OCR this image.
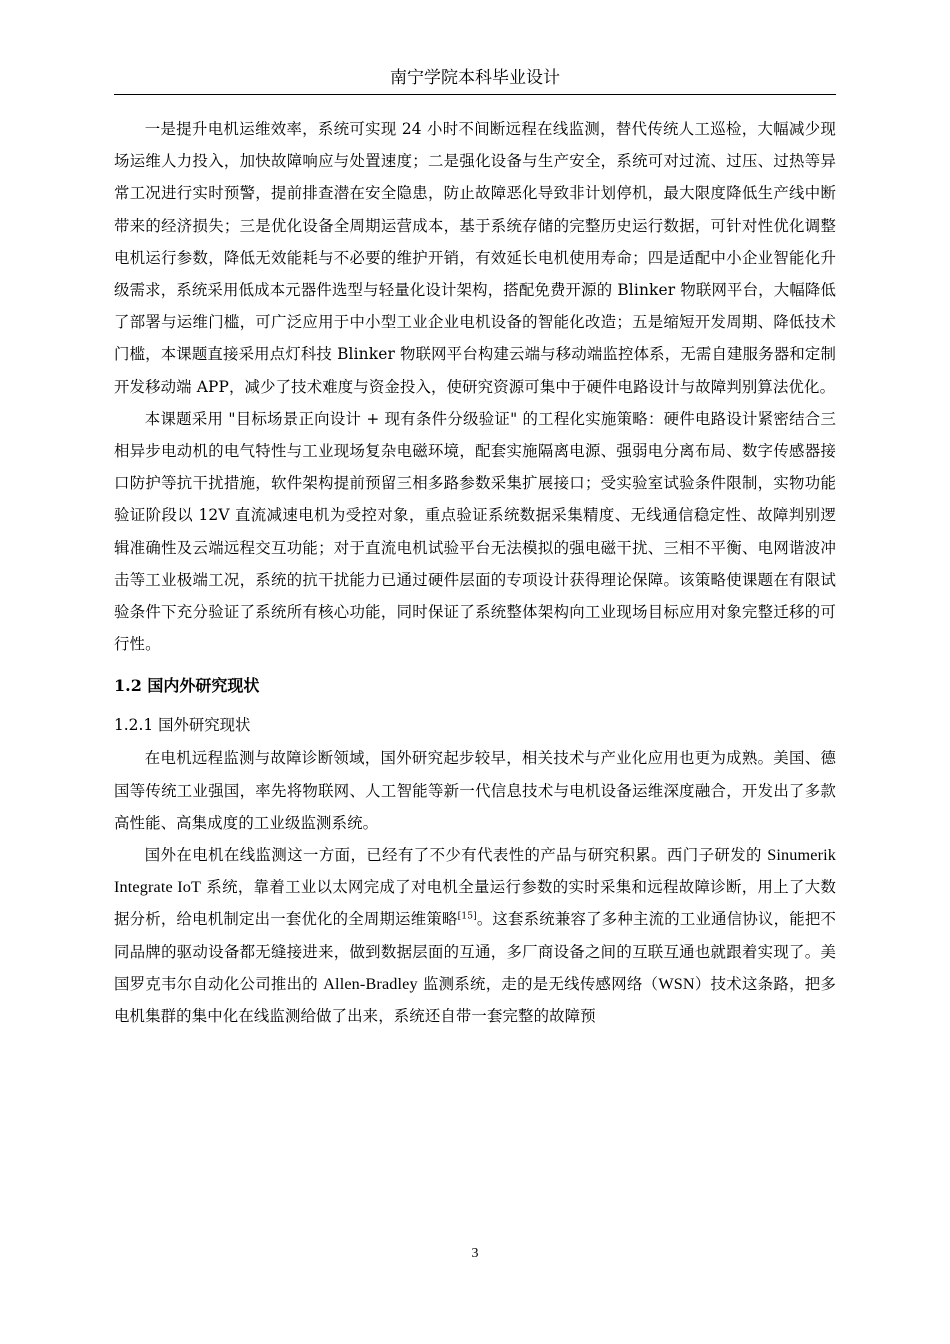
南宁学院本科毕业设计

一是提升电机运维效率，系统可实现 24 小时不间断远程在线监测，替代传统人工巡检，大幅减少现场运维人力投入，加快故障响应与处置速度；二是强化设备与生产安全，系统可对过流、过压、过热等异常工况进行实时预警，提前排查潜在安全隐患，防止故障恶化导致非计划停机，最大限度降低生产线中断带来的经济损失；三是优化设备全周期运营成本，基于系统存储的完整历史运行数据，可针对性优化调整电机运行参数，降低无效能耗与不必要的维护开销，有效延长电机使用寿命；四是适配中小企业智能化升级需求，系统采用低成本元器件选型与轻量化设计架构，搭配免费开源的 Blinker 物联网平台，大幅降低了部署与运维门槛，可广泛应用于中小型工业企业电机设备的智能化改造；五是缩短开发周期、降低技术门槛，本课题直接采用点灯科技 Blinker 物联网平台构建云端与移动端监控体系，无需自建服务器和定制开发移动端 APP，减少了技术难度与资金投入，使研究资源可集中于硬件电路设计与故障判别算法优化。

本课题采用 "目标场景正向设计 + 现有条件分级验证" 的工程化实施策略：硬件电路设计紧密结合三相异步电动机的电气特性与工业现场复杂电磁环境，配套实施隔离电源、强弱电分离布局、数字传感器接口防护等抗干扰措施，软件架构提前预留三相多路参数采集扩展接口；受实验室试验条件限制，实物功能验证阶段以 12V 直流减速电机为受控对象，重点验证系统数据采集精度、无线通信稳定性、故障判别逻辑准确性及云端远程交互功能；对于直流电机试验平台无法模拟的强电磁干扰、三相不平衡、电网谐波冲击等工业极端工况，系统的抗干扰能力已通过硬件层面的专项设计获得理论保障。该策略使课题在有限试验条件下充分验证了系统所有核心功能，同时保证了系统整体架构向工业现场目标应用对象完整迁移的可行性。

1.2 国内外研究现状
1.2.1 国外研究现状

在电机远程监测与故障诊断领域，国外研究起步较早，相关技术与产业化应用也更为成熟。美国、德国等传统工业强国，率先将物联网、人工智能等新一代信息技术与电机设备运维深度融合，开发出了多款高性能、高集成度的工业级监测系统。

国外在电机在线监测这一方面，已经有了不少有代表性的产品与研究积累。西门子研发的 Sinumerik Integrate IoT 系统，靠着工业以太网完成了对电机全量运行参数的实时采集和远程故障诊断，用上了大数据分析，给电机制定出一套优化的全周期运维策略[15]。这套系统兼容了多种主流的工业通信协议，能把不同品牌的驱动设备都无缝接进来，做到数据层面的互通，多厂商设备之间的互联互通也就跟着实现了。美国罗克韦尔自动化公司推出的 Allen-Bradley 监测系统，走的是无线传感网络（WSN）技术这条路，把多电机集群的集中化在线监测给做了出来，系统还自带一套完整的故障预

3
